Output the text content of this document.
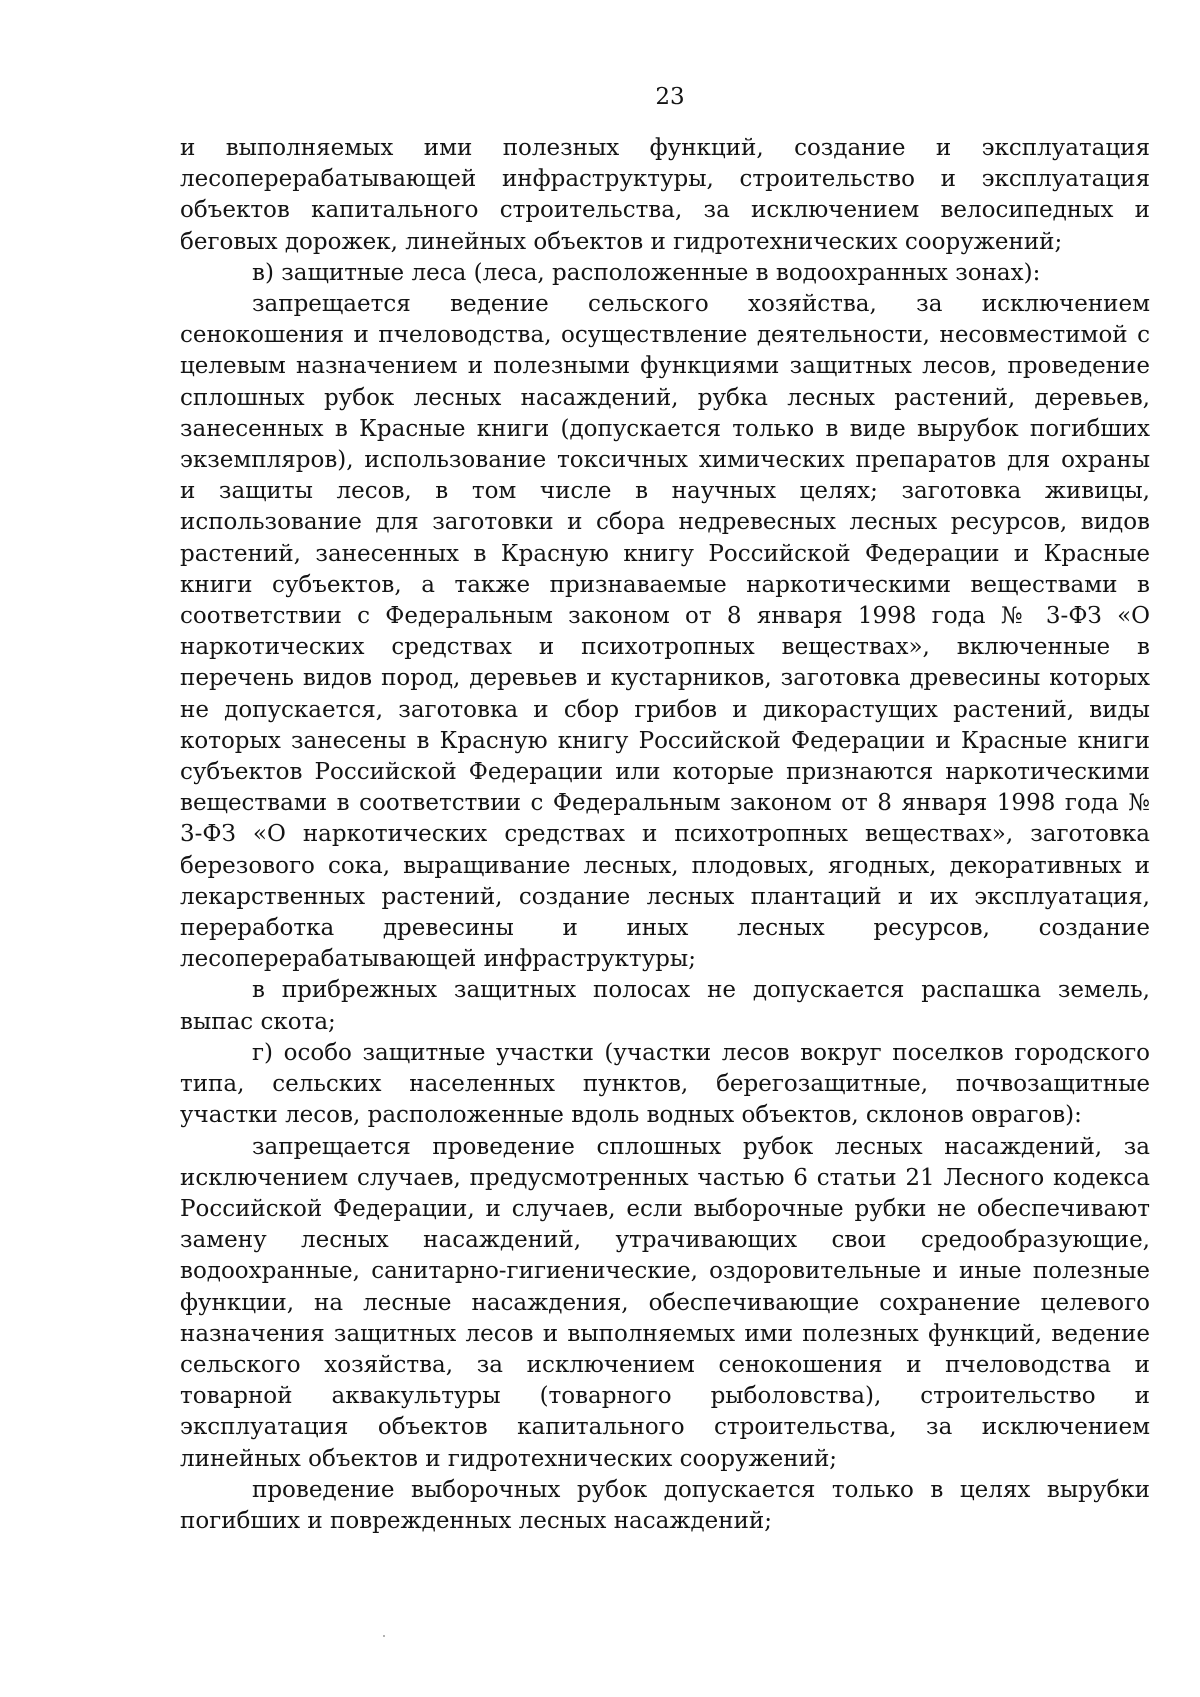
23

и выполняемых ими полезных функций, создание и эксплуатация лесоперерабатывающей инфраструктуры, строительство и эксплуатация объектов капитального строительства, за исключением велосипедных и беговых дорожек, линейных объектов и гидротехнических сооружений;

в) защитные леса (леса, расположенные в водоохранных зонах):

запрещается ведение сельского хозяйства, за исключением сенокошения и пчеловодства, осуществление деятельности, несовместимой с целевым назначением и полезными функциями защитных лесов, проведение сплошных рубок лесных насаждений, рубка лесных растений, деревьев, занесенных в Красные книги (допускается только в виде вырубок погибших экземпляров), использование токсичных химических препаратов для охраны и защиты лесов, в том числе в научных целях; заготовка живицы, использование для заготовки и сбора недревесных лесных ресурсов, видов растений, занесенных в Красную книгу Российской Федерации и Красные книги субъектов, а также признаваемые наркотическими веществами в соответствии с Федеральным законом от 8 января 1998 года № 3-ФЗ «О наркотических средствах и психотропных веществах», включенные в перечень видов пород, деревьев и кустарников, заготовка древесины которых не допускается, заготовка и сбор грибов и дикорастущих растений, виды которых занесены в Красную книгу Российской Федерации и Красные книги субъектов Российской Федерации или которые признаются наркотическими веществами в соответствии с Федеральным законом от 8 января 1998 года № 3-ФЗ «О наркотических средствах и психотропных веществах», заготовка березового сока, выращивание лесных, плодовых, ягодных, декоративных и лекарственных растений, создание лесных плантаций и их эксплуатация, переработка древесины и иных лесных ресурсов, создание лесоперерабатывающей инфраструктуры;

в прибрежных защитных полосах не допускается распашка земель, выпас скота;

г) особо защитные участки (участки лесов вокруг поселков городского типа, сельских населенных пунктов, берегозащитные, почвозащитные участки лесов, расположенные вдоль водных объектов, склонов оврагов):

запрещается проведение сплошных рубок лесных насаждений, за исключением случаев, предусмотренных частью 6 статьи 21 Лесного кодекса Российской Федерации, и случаев, если выборочные рубки не обеспечивают замену лесных насаждений, утрачивающих свои средообразующие, водоохранные, санитарно-гигиенические, оздоровительные и иные полезные функции, на лесные насаждения, обеспечивающие сохранение целевого назначения защитных лесов и выполняемых ими полезных функций, ведение сельского хозяйства, за исключением сенокошения и пчеловодства и товарной аквакультуры (товарного рыболовства), строительство и эксплуатация объектов капитального строительства, за исключением линейных объектов и гидротехнических сооружений;

проведение выборочных рубок допускается только в целях вырубки погибших и поврежденных лесных насаждений;
